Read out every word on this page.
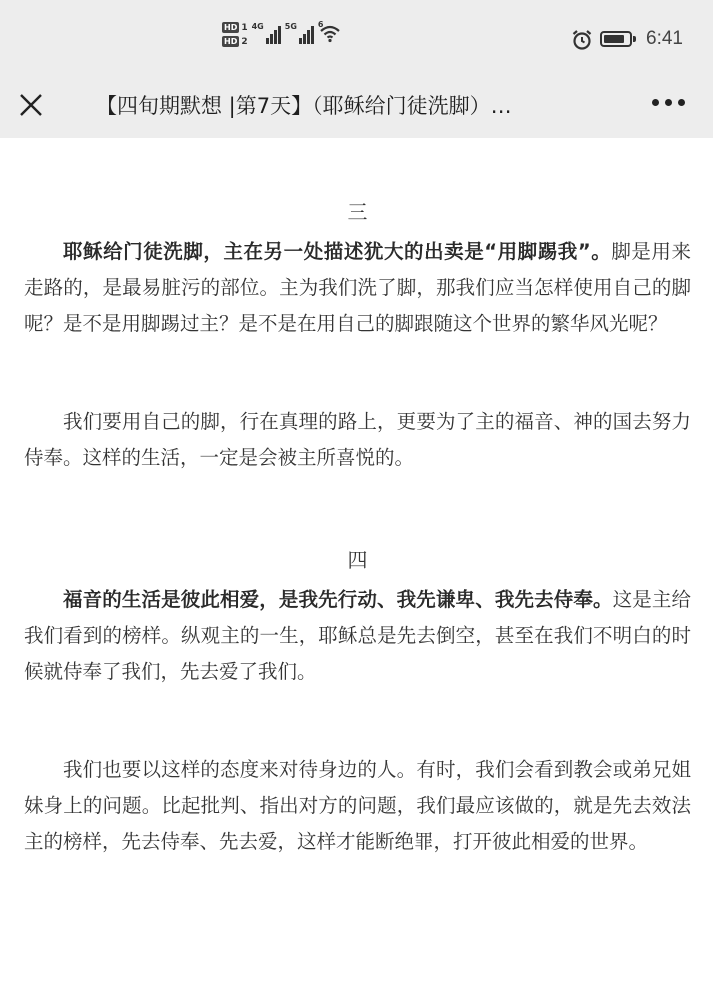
HD 1
HD 2
4G	5G	6
6:41
【四旬期默想 |第7天】（耶稣给门徒洗脚）…
三

耶稣给门徒洗脚，主在另一处描述犹大的出卖是“用脚踢我”。脚是用来走路的，是最易脏污的部位。主为我们洗了脚，那我们应当怎样使用自己的脚呢？是不是用脚踢过主？是不是在用自己的脚跟随这个世界的繁华风光呢？

我们要用自己的脚，行在真理的路上，更要为了主的福音、神的国去努力侍奉。这样的生活，一定是会被主所喜悦的。

四

福音的生活是彼此相爱，是我先行动、我先谦卑、我先去侍奉。这是主给我们看到的榜样。纵观主的一生，耶稣总是先去倒空，甚至在我们不明白的时候就侍奉了我们，先去爱了我们。

我们也要以这样的态度来对待身边的人。有时，我们会看到教会或弟兄姐妹身上的问题。比起批判、指出对方的问题，我们最应该做的，就是先去效法主的榜样，先去侍奉、先去爱，这样才能断绝罪，打开彼此相爱的世界。
